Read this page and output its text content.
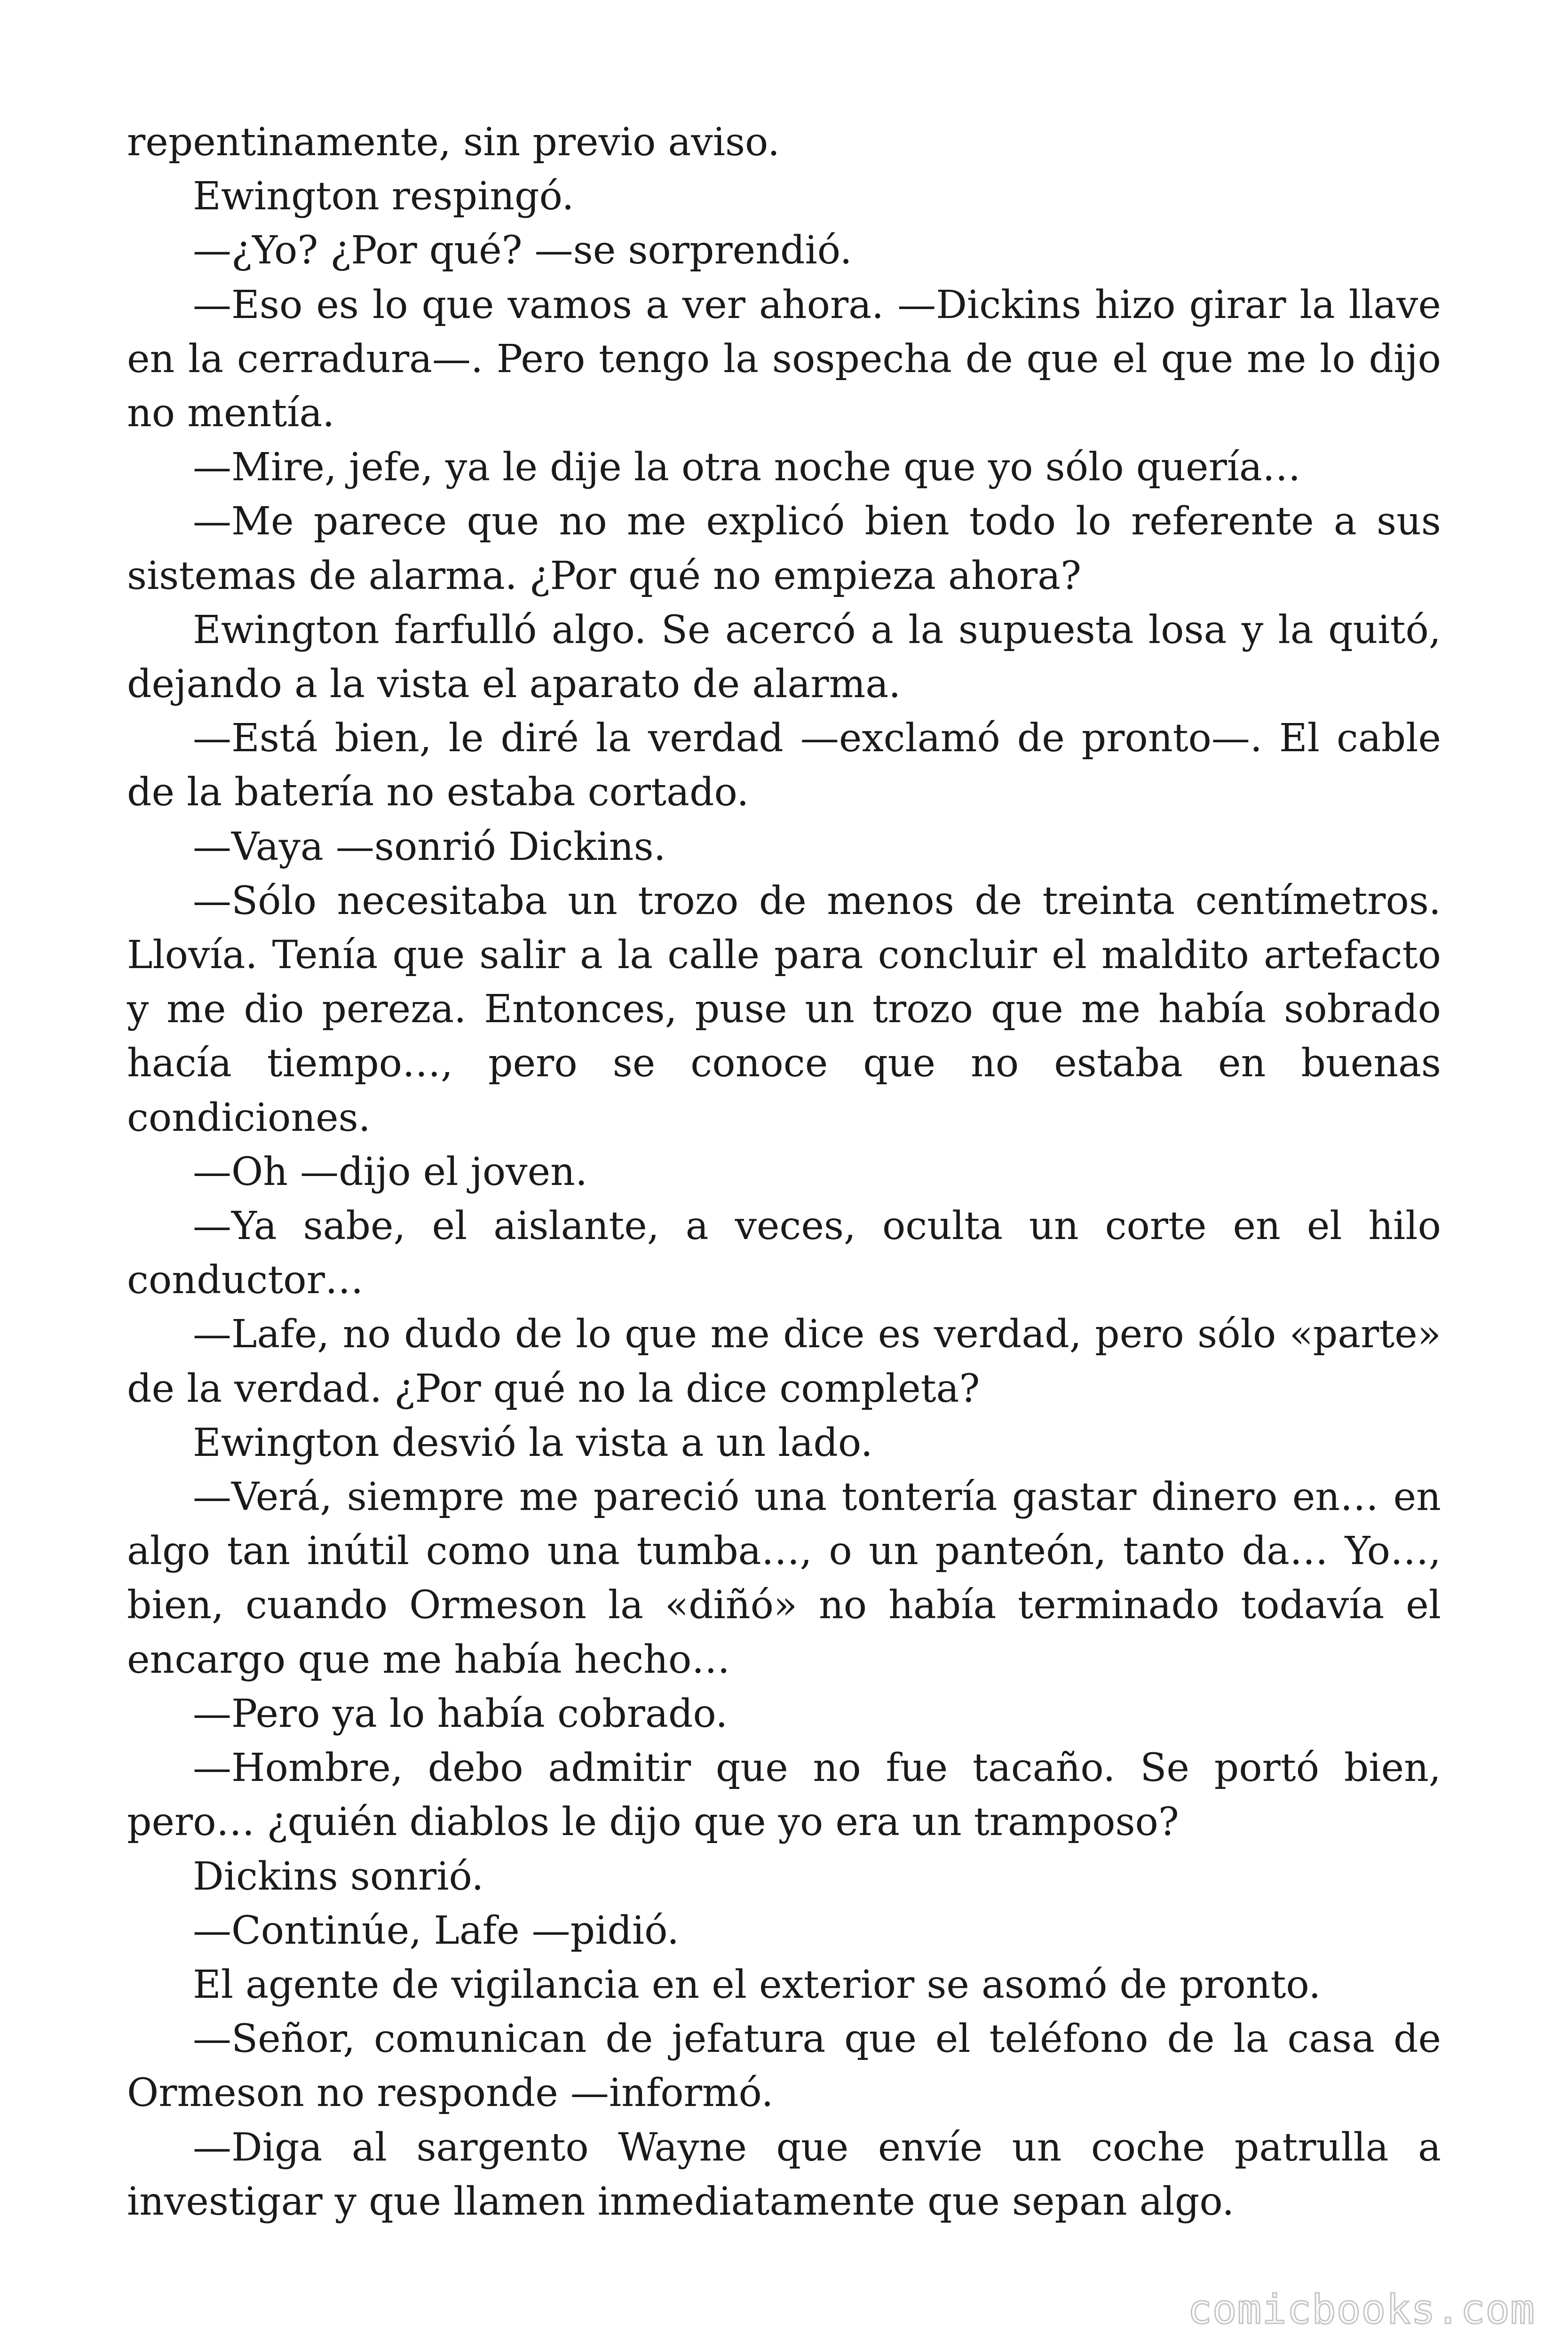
repentinamente, sin previo aviso.

Ewington respingó.

—¿Yo? ¿Por qué? —se sorprendió.

—Eso es lo que vamos a ver ahora. —Dickins hizo girar la llave en la cerradura—. Pero tengo la sospecha de que el que me lo dijo no mentía.

—Mire, jefe, ya le dije la otra noche que yo sólo quería…

—Me parece que no me explicó bien todo lo referente a sus sistemas de alarma. ¿Por qué no empieza ahora?

Ewington farfulló algo. Se acercó a la supuesta losa y la quitó, dejando a la vista el aparato de alarma.

—Está bien, le diré la verdad —exclamó de pronto—. El cable de la batería no estaba cortado.

—Vaya —sonrió Dickins.

—Sólo necesitaba un trozo de menos de treinta centímetros. Llovía. Tenía que salir a la calle para concluir el maldito artefacto y me dio pereza. Entonces, puse un trozo que me había sobrado hacía tiempo…, pero se conoce que no estaba en buenas condiciones.

—Oh —dijo el joven.

—Ya sabe, el aislante, a veces, oculta un corte en el hilo conductor…

—Lafe, no dudo de lo que me dice es verdad, pero sólo «parte» de la verdad. ¿Por qué no la dice completa?

Ewington desvió la vista a un lado.

—Verá, siempre me pareció una tontería gastar dinero en… en algo tan inútil como una tumba…, o un panteón, tanto da… Yo…, bien, cuando Ormeson la «diñó» no había terminado todavía el encargo que me había hecho…

—Pero ya lo había cobrado.

—Hombre, debo admitir que no fue tacaño. Se portó bien, pero… ¿quién diablos le dijo que yo era un tramposo?

Dickins sonrió.

—Continúe, Lafe —pidió.

El agente de vigilancia en el exterior se asomó de pronto.

—Señor, comunican de jefatura que el teléfono de la casa de Ormeson no responde —informó.

—Diga al sargento Wayne que envíe un coche patrulla a investigar y que llamen inmediatamente que sepan algo.

comicbooks.com
